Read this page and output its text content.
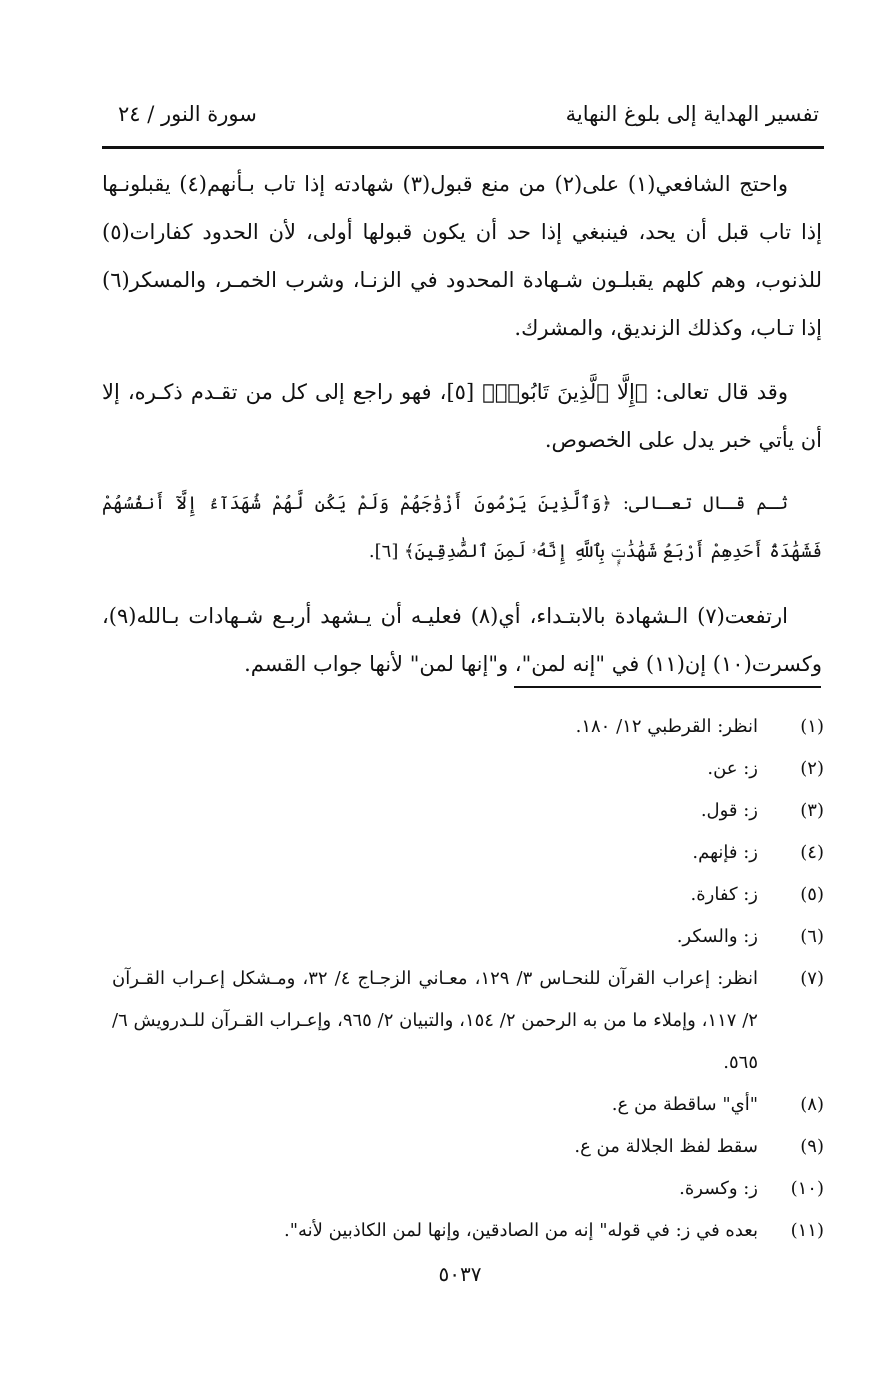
تفسير الهداية إلى بلوغ النهاية
سورة النور / ٢٤

واحتج الشافعي(١) على(٢) من منع قبول(٣) شهادته إذا تاب بـأنهم(٤) يقبلونـها إذا تاب قبل أن يحد، فينبغي إذا حد أن يكون قبولها أولى، لأن الحدود كفارات(٥) للذنوب، وهم كلهم يقبلـون شـهادة المحدود في الزنـا، وشرب الخمـر، والمسكر(٦) إذا تـاب، وكذلك الزنديق، والمشرك.

وقد قال تعالى: ﴿إِلَّا ٱلَّذِينَ تَابُوا۟﴾ [٥]، فهو راجع إلى كل من تقـدم ذكـره، إلا أن يأتي خبر يدل على الخصوص.

ثـم قـال تعـالى: ﴿وَٱلَّذِينَ يَرْمُونَ أَزْوَٰجَهُمْ وَلَمْ يَكُن لَّهُمْ شُهَدَآءُ إِلَّآ أَنفُسُهُمْ فَشَهَٰدَةُ أَحَدِهِمْ أَرْبَعُ شَهَٰدَٰتٍۭ بِٱللَّهِ إِنَّهُۥ لَمِنَ ٱلصَّٰدِقِينَ﴾ [٦].

ارتفعت(٧) الـشهادة بالابتـداء، أي(٨) فعليـه أن يـشهد أربـع شـهادات بـالله(٩)، وكسرت(١٠) إن(١١) في "إنه لمن"، و"إنها لمن" لأنها جواب القسم.

(١)
انظر: القرطبي ١٢/ ١٨٠.
(٢)
ز: عن.
(٣)
ز: قول.
(٤)
ز: فإنهم.
(٥)
ز: كفارة.
(٦)
ز: والسكر.
(٧)
انظر: إعراب القرآن للنحـاس ٣/ ١٢٩، معـاني الزجـاج ٤/ ٣٢، ومـشكل إعـراب القـرآن ٢/ ١١٧، وإملاء ما من به الرحمن ٢/ ١٥٤، والتبيان ٢/ ٩٦٥، وإعـراب القـرآن للـدرويش ٦/ ٥٦٥.
(٨)
"أي" ساقطة من ع.
(٩)
سقط لفظ الجلالة من ع.
(١٠)
ز: وكسرة.
(١١)
بعده في ز: في قوله" إنه من الصادقين، وإنها لمن الكاذبين لأنه".
٥٠٣٧
